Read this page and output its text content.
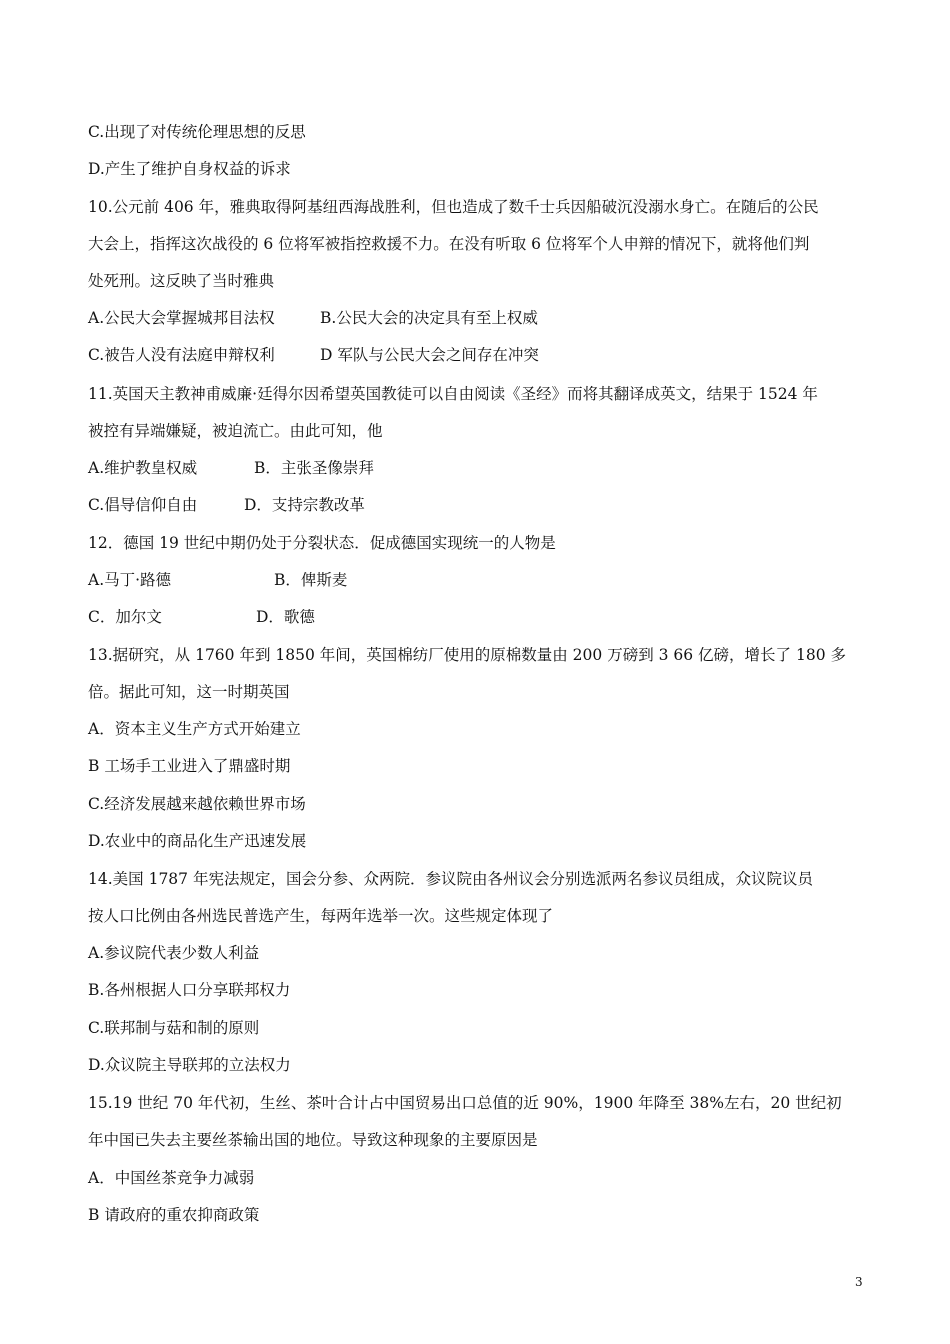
C.出现了对传统伦理思想的反思
D.产生了维护自身权益的诉求
10.公元前 406 年，雅典取得阿基纽西海战胜利，但也造成了数千士兵因船破沉没溺水身亡。在随后的公民
大会上，指挥这次战役的 6 位将军被指控救援不力。在没有听取 6 位将军个人申辩的情况下，就将他们判
处死刑。这反映了当时雅典
A.公民大会掌握城邦目法权	B.公民大会的决定具有至上权威
C.被告人没有法庭申辩权利	D 军队与公民大会之间存在冲突
11.英国天主教神甫威廉·廷得尔因希望英国教徒可以自由阅读《圣经》而将其翻译成英文，结果于 1524 年
被控有异端嫌疑，被迫流亡。由此可知，他
A.维护教皇权威	B．主张圣像崇拜
C.倡导信仰自由	D．支持宗教改革
12．德国 19 世纪中期仍处于分裂状态．促成德国实现统一的人物是
A.马丁·路德	B．俾斯麦
C．加尔文	D．歌德
13.据研究，从 1760 年到 1850 年间，英国棉纺厂使用的原棉数量由 200 万磅到 3 66 亿磅，增长了 180 多
倍。据此可知，这一时期英国
A．资本主义生产方式开始建立
B 工场手工业进入了鼎盛时期
C.经济发展越来越依赖世界市场
D.农业中的商品化生产迅速发展
14.美国 1787 年宪法规定，国会分参、众两院．参议院由各州议会分别选派两名参议员组成，众议院议员
按人口比例由各州选民普选产生，每两年选举一次。这些规定体现了
A.参议院代表少数人利益
B.各州根据人口分享联邦权力
C.联邦制与菇和制的原则
D.众议院主导联邦的立法权力
15.19 世纪 70 年代初，生丝、茶叶合计占中国贸易出口总值的近 90%，1900 年降至 38%左右，20 世纪初
年中国已失去主要丝茶输出国的地位。导致这种现象的主要原因是
A．中国丝茶竞争力减弱
B 请政府的重农抑商政策
3
